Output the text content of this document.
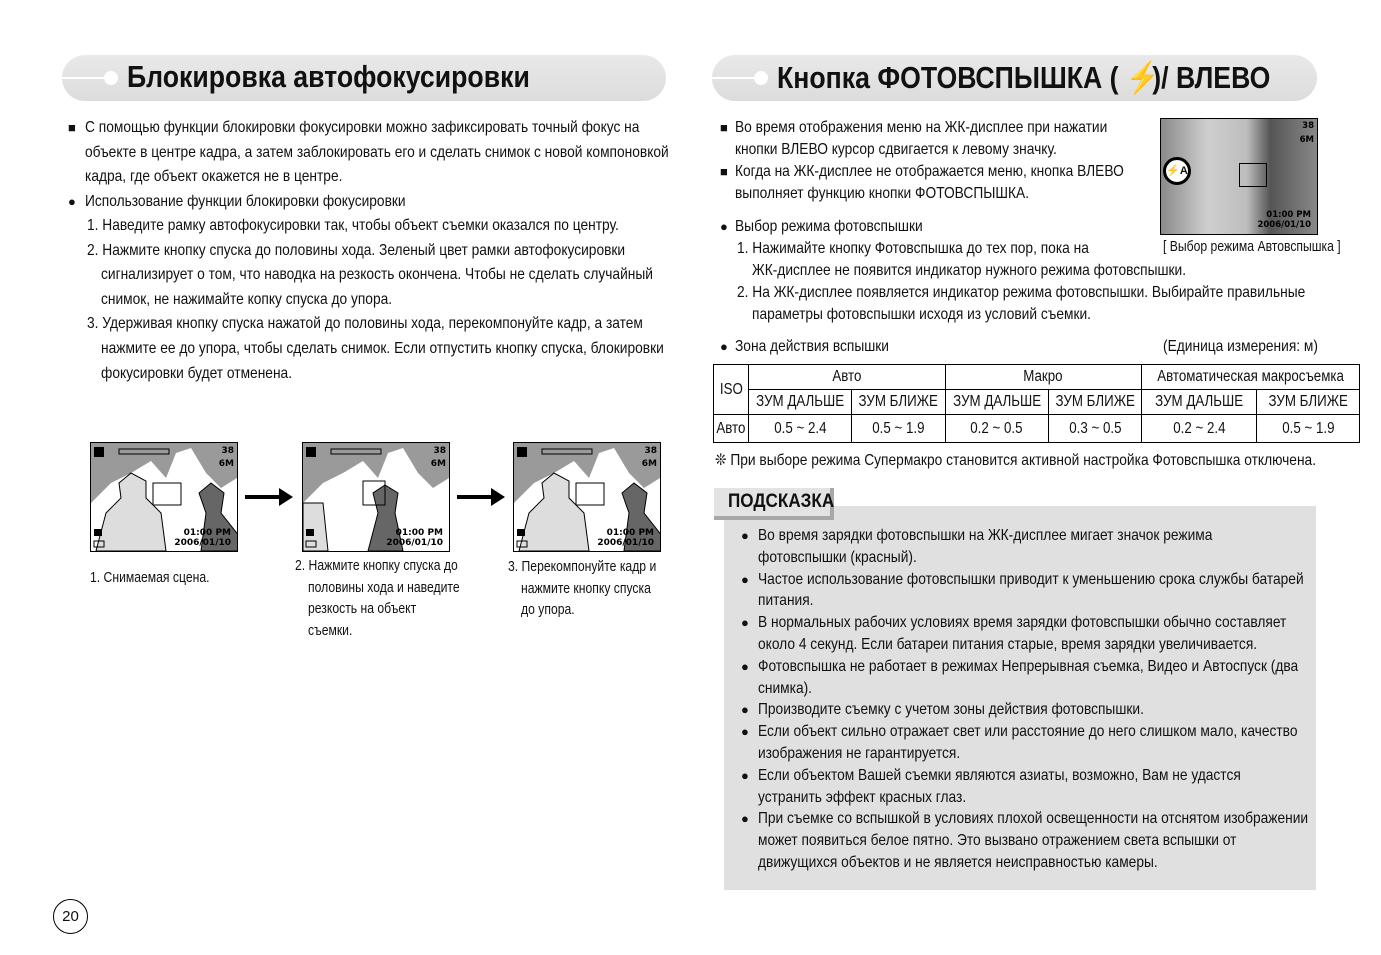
Блокировка автофокусировки	Кнопка ФОТОВСПЫШКА ( ⚡ )/ ВЛЕВО
■ С помощью функции блокировки фокусировки можно зафиксировать точный фокус на
объекте в центре кадра, а затем заблокировать его и сделать снимок с новой компоновкой
кадра, где объект окажется не в центре.
● Использование функции блокировки фокусировки
1. Наведите рамку автофокусировки так, чтобы объект съемки оказался по центру.
2. Нажмите кнопку спуска до половины хода. Зеленый цвет рамки автофокусировки
сигнализирует о том, что наводка на резкость окончена. Чтобы не сделать случайный
снимок, не нажимайте копку спуска до упора.
3. Удерживая кнопку спуска нажатой до половины хода, перекомпонуйте кадр, а затем
нажмите ее до упора, чтобы сделать снимок. Если отпустить кнопку спуска, блокировки
фокусировки будет отменена.
1. Снимаемая сцена.
2. Нажмите кнопку спуска до
половины хода и наведите
резкость на объект
съемки.
3. Перекомпонуйте кадр и
нажмите кнопку спуска
до упора.
38
6M
01:00 PM
2006/01/10
38
6M
01:00 PM
2006/01/10
38
6M
01:00 PM
2006/01/10
⚡A
38
6M
01:00 PM
2006/01/10
[ Выбор режима Автовспышка ]
■ Во время отображения меню на ЖК-дисплее при нажатии
кнопки ВЛЕВО курсор сдвигается к левому значку.
■ Когда на ЖК-дисплее не отображается меню, кнопка ВЛЕВО
выполняет функцию кнопки ФОТОВСПЫШКА.
● Выбор режима фотовспышки
1. Нажимайте кнопку Фотовспышка до тех пор, пока на
ЖК-дисплее не появится индикатор нужного режима фотовспышки.
2. На ЖК-дисплее появляется индикатор режима фотовспышки. Выбирайте правильные
параметры фотовспышки исходя из условий съемки.
● Зона действия вспышки	(Единица измерения: м)
❊ При выборе режима Супермакро становится активной настройка Фотовспышка отключена.
ISO	Авто		Макро		Автоматическая макросъемка	
	ЗУМ ДАЛЬШЕ	ЗУМ БЛИЖЕ	ЗУМ ДАЛЬШЕ	ЗУМ БЛИЖЕ	ЗУМ ДАЛЬШЕ	ЗУМ БЛИЖЕ
Авто	0.5 ~ 2.4	0.5 ~ 1.9	0.2 ~ 0.5	0.3 ~ 0.5	0.2 ~ 2.4	0.5 ~ 1.9
ПОДСКАЗКА
● Во время зарядки фотовспышки на ЖК-дисплее мигает значок режима
фотовспышки (красный).
● Частое использование фотовспышки приводит к уменьшению срока службы батарей
питания.
● В нормальных рабочих условиях время зарядки фотовспышки обычно составляет
около 4 секунд. Если батареи питания старые, время зарядки увеличивается.
● Фотовспышка не работает в режимах Непрерывная съемка, Видео и Автоспуск (два
снимка).
● Производите съемку с учетом зоны действия фотовспышки.
● Если объект сильно отражает свет или расстояние до него слишком мало, качество
изображения не гарантируется.
● Если объектом Вашей съемки являются азиаты, возможно, Вам не удастся
устранить эффект красных глаз.
● При съемке со вспышкой в условиях плохой освещенности на отснятом изображении
может появиться белое пятно. Это вызвано отражением света вспышки от
движущихся объектов и не является неисправностью камеры.
20
